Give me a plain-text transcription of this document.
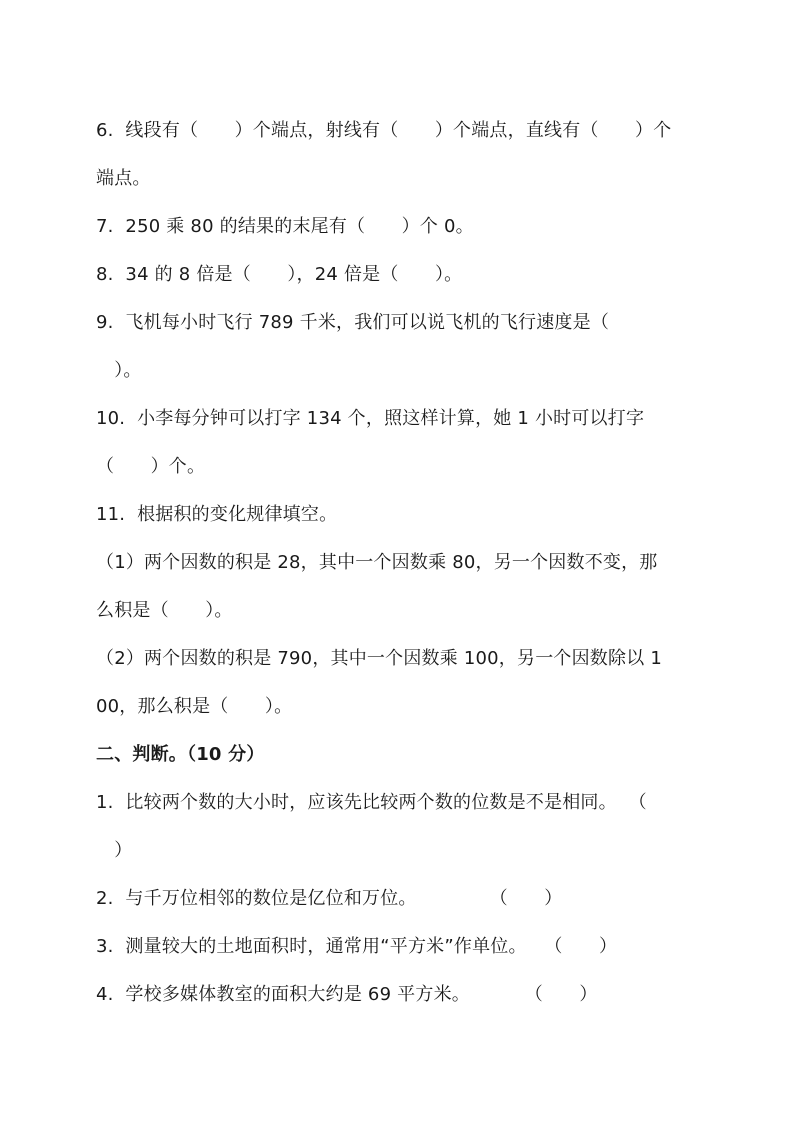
6.  线段有（　　）个端点，射线有（　　）个端点，直线有（　　）个
端点。
7.  250 乘 80 的结果的末尾有（　　）个 0。
8.  34 的 8 倍是（　　），24 倍是（　　）。
9.  飞机每小时飞行 789 千米，我们可以说飞机的飞行速度是（
　）。
10.  小李每分钟可以打字 134 个，照这样计算，她 1 小时可以打字
（　　）个。
11.  根据积的变化规律填空。
（1）两个因数的积是 28，其中一个因数乘 80，另一个因数不变，那
么积是（　　）。
（2）两个因数的积是 790，其中一个因数乘 100，另一个因数除以 1
00，那么积是（　　）。
二、判断。（10 分）
1.  比较两个数的大小时，应该先比较两个数的位数是不是相同。  （
　）
2.  与千万位相邻的数位是亿位和万位。　　　　　（　　）
3.  测量较大的土地面积时，通常用“平方米”作单位。   （　　）
4.  学校多媒体教室的面积大约是 69 平方米。　　　　（　　）
